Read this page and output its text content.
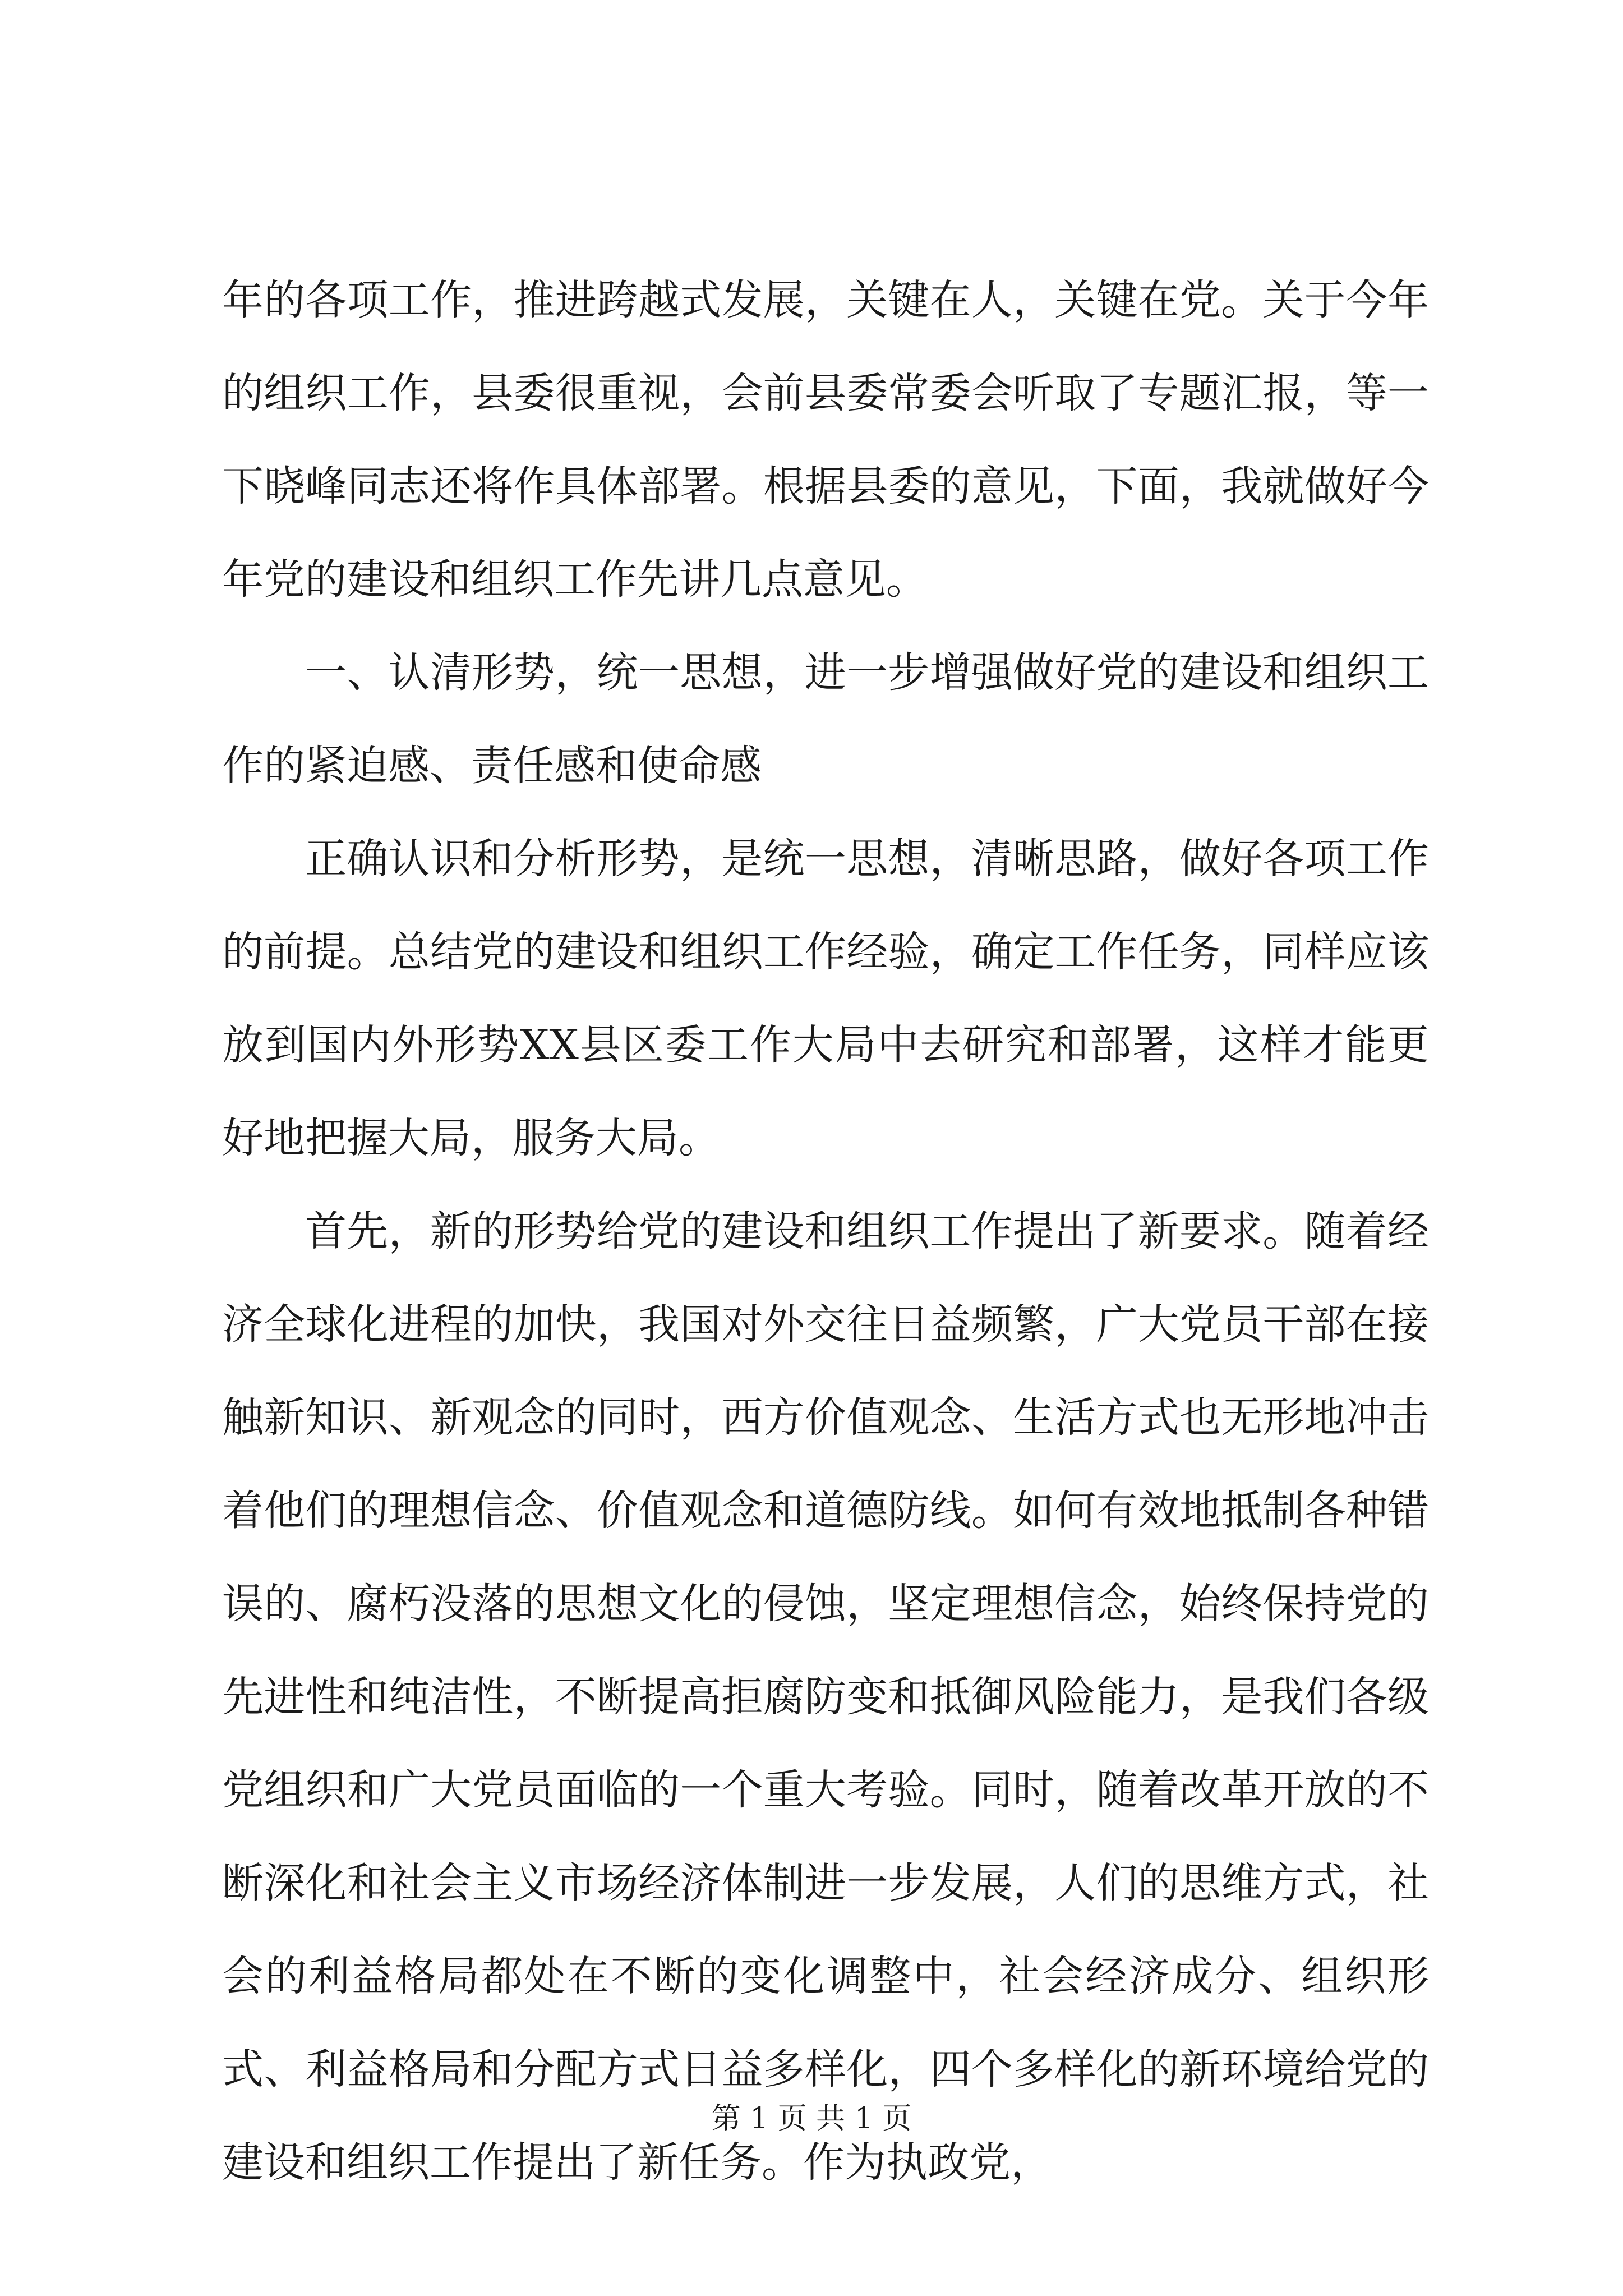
年的各项工作，推进跨越式发展，关键在人，关键在党。关于今年的组织工作，县委很重视，会前县委常委会听取了专题汇报，等一下晓峰同志还将作具体部署。根据县委的意见，下面，我就做好今年党的建设和组织工作先讲几点意见。

一、认清形势，统一思想，进一步增强做好党的建设和组织工作的紧迫感、责任感和使命感

正确认识和分析形势，是统一思想，清晰思路，做好各项工作的前提。总结党的建设和组织工作经验，确定工作任务，同样应该放到国内外形势XX县区委工作大局中去研究和部署，这样才能更好地把握大局，服务大局。

首先，新的形势给党的建设和组织工作提出了新要求。随着经济全球化进程的加快，我国对外交往日益频繁，广大党员干部在接触新知识、新观念的同时，西方价值观念、生活方式也无形地冲击着他们的理想信念、价值观念和道德防线。如何有效地抵制各种错误的、腐朽没落的思想文化的侵蚀，坚定理想信念，始终保持党的先进性和纯洁性，不断提高拒腐防变和抵御风险能力，是我们各级党组织和广大党员面临的一个重大考验。同时，随着改革开放的不断深化和社会主义市场经济体制进一步发展，人们的思维方式，社会的利益格局都处在不断的变化调整中，社会经济成分、组织形式、利益格局和分配方式日益多样化，四个多样化的新环境给党的建设和组织工作提出了新任务。作为执政党，

第 1 页 共 1 页
